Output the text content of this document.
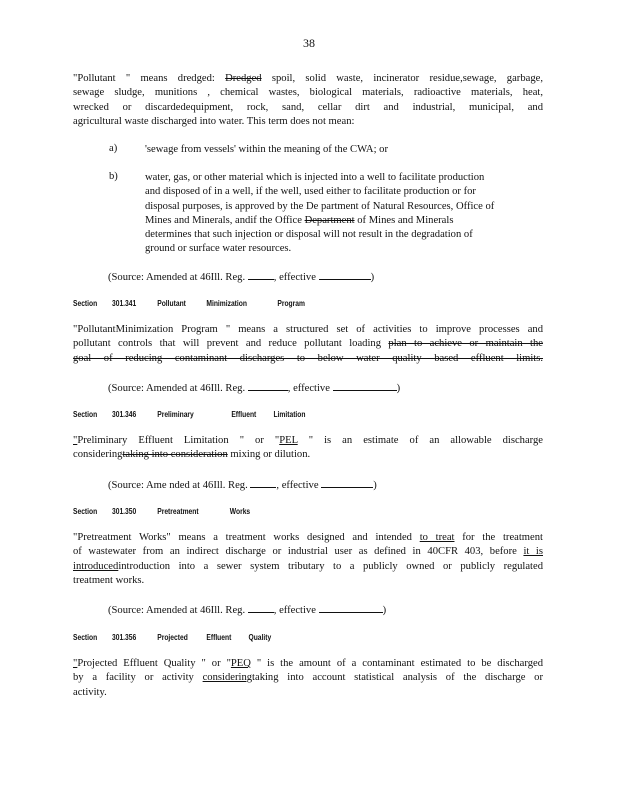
38
"Pollutant " means dredged: Dredged spoil, solid waste, incinerator residue,sewage, garbage,
sewage sludge, munitions , chemical wastes, biological materials, radioactive materials, heat,
wrecked or discardedequipment, rock, sand, cellar dirt and industrial, municipal, and
agricultural waste discharged into water. This term does not mean:
a)	'sewage from vessels' within the meaning of the CWA; or
b)	water, gas, or other material which is injected into a well to facilitate production
and disposed of in a well, if the well, used either to facilitate production or for
disposal purposes, is approved by the De partment of Natural Resources, Office of
Mines and Minerals, andif the Office Department of Mines and Minerals
determines that such injection or disposal will not result in the degradation of
ground or surface water resources.
(Source: Amended at 46Ill. Reg.	, effective	)
Section 301.341 Pollutant Minimization	Program
"PollutantMinimization Program " means a structured set of activities to improve processes and
pollutant controls that will prevent and reduce pollutant loading plan to achieve or maintain the
goal of reducing contaminant discharges to below water quality based effluent limits.
(Source: Amended at 46Ill. Reg.	, effective	)
Section 301.346 Preliminary	Effluent Limitation
"Preliminary Effluent Limitation " or "PEL " is an estimate of an allowable discharge
consideringtaking into consideration mixing or dilution.
(Source: Ame nded at 46Ill. Reg.	, effective	)
Section 301.350 Pretreatment	Works
"Pretreatment Works" means a treatment works designed and intended to treat for the treatment
of wastewater from an indirect discharge or industrial user as defined in 40CFR 403, before it is
introducedintroduction into a sewer system tributary to a publicly owned or publicly regulated
treatment works.
(Source: Amended at 46Ill. Reg.	, effective	)
Section 301.356 Projected Effluent Quality
"Projected Effluent Quality " or "PEQ " is the amount of a contaminant estimated to be discharged
by a facility or activity consideringtaking into account statistical analysis of the discharge or
activity.
